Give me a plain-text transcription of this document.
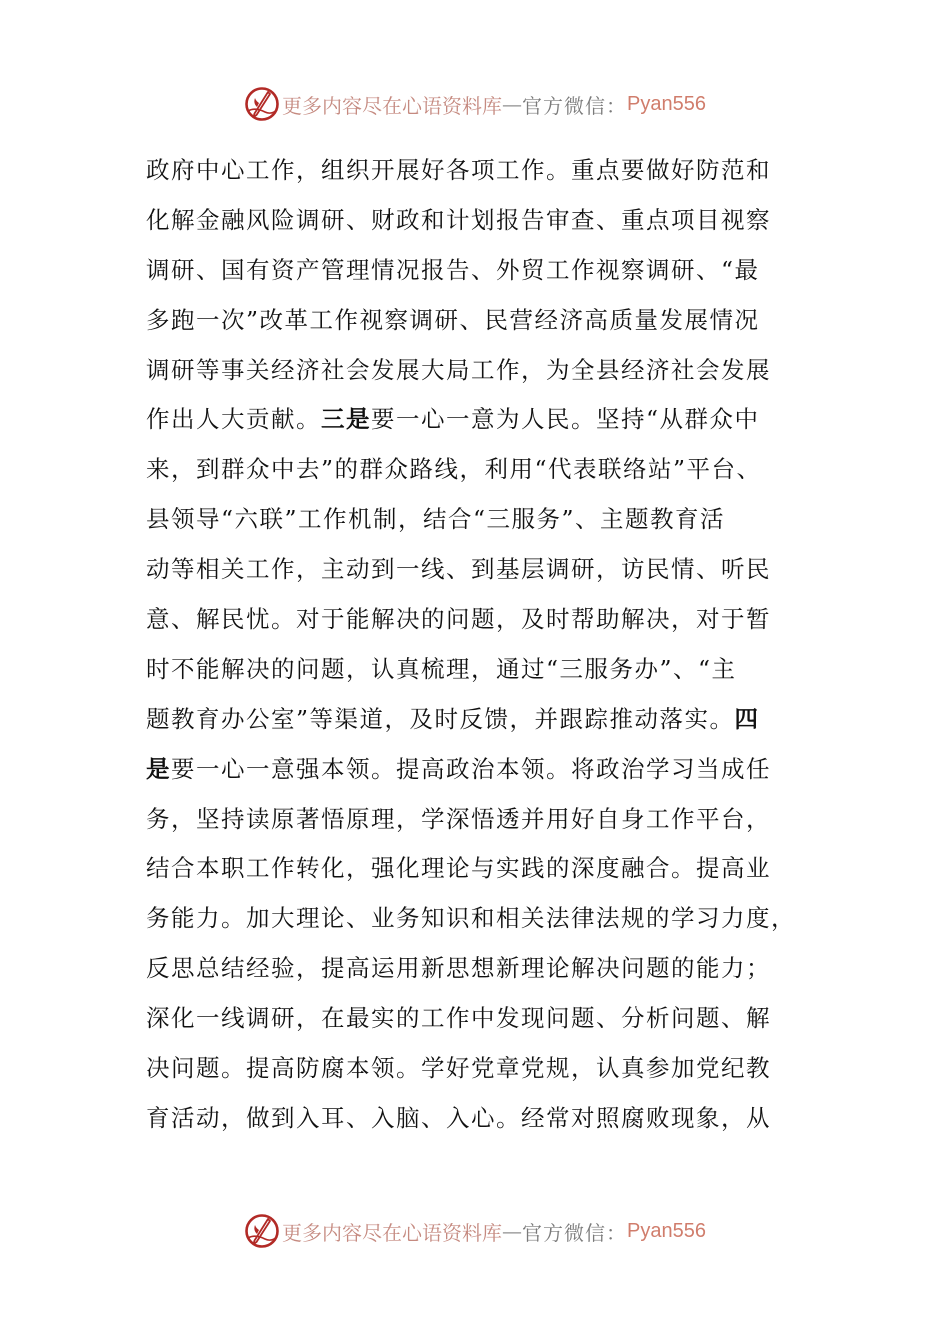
更多内容尽在心语资料库 — 官方微信： Pyan556
政府中心工作，组织开展好各项工作。重点要做好防范和
化解金融风险调研、财政和计划报告审查、重点项目视察
调研、国有资产管理情况报告、外贸工作视察调研、“最
多跑一次”改革工作视察调研、民营经济高质量发展情况
调研等事关经济社会发展大局工作，为全县经济社会发展
作出人大贡献。三是要一心一意为人民。坚持“从群众中
来，到群众中去”的群众路线，利用“代表联络站”平台、
县领导“六联”工作机制，结合“三服务”、主题教育活
动等相关工作，主动到一线、到基层调研，访民情、听民
意、解民忧。对于能解决的问题，及时帮助解决，对于暂
时不能解决的问题，认真梳理，通过“三服务办”、“主
题教育办公室”等渠道，及时反馈，并跟踪推动落实。四
是要一心一意强本领。提高政治本领。将政治学习当成任
务，坚持读原著悟原理，学深悟透并用好自身工作平台，
结合本职工作转化，强化理论与实践的深度融合。提高业
务能力。加大理论、业务知识和相关法律法规的学习力度，
反思总结经验，提高运用新思想新理论解决问题的能力；
深化一线调研，在最实的工作中发现问题、分析问题、解
决问题。提高防腐本领。学好党章党规，认真参加党纪教
育活动，做到入耳、入脑、入心。经常对照腐败现象，从
更多内容尽在心语资料库 — 官方微信： Pyan556
